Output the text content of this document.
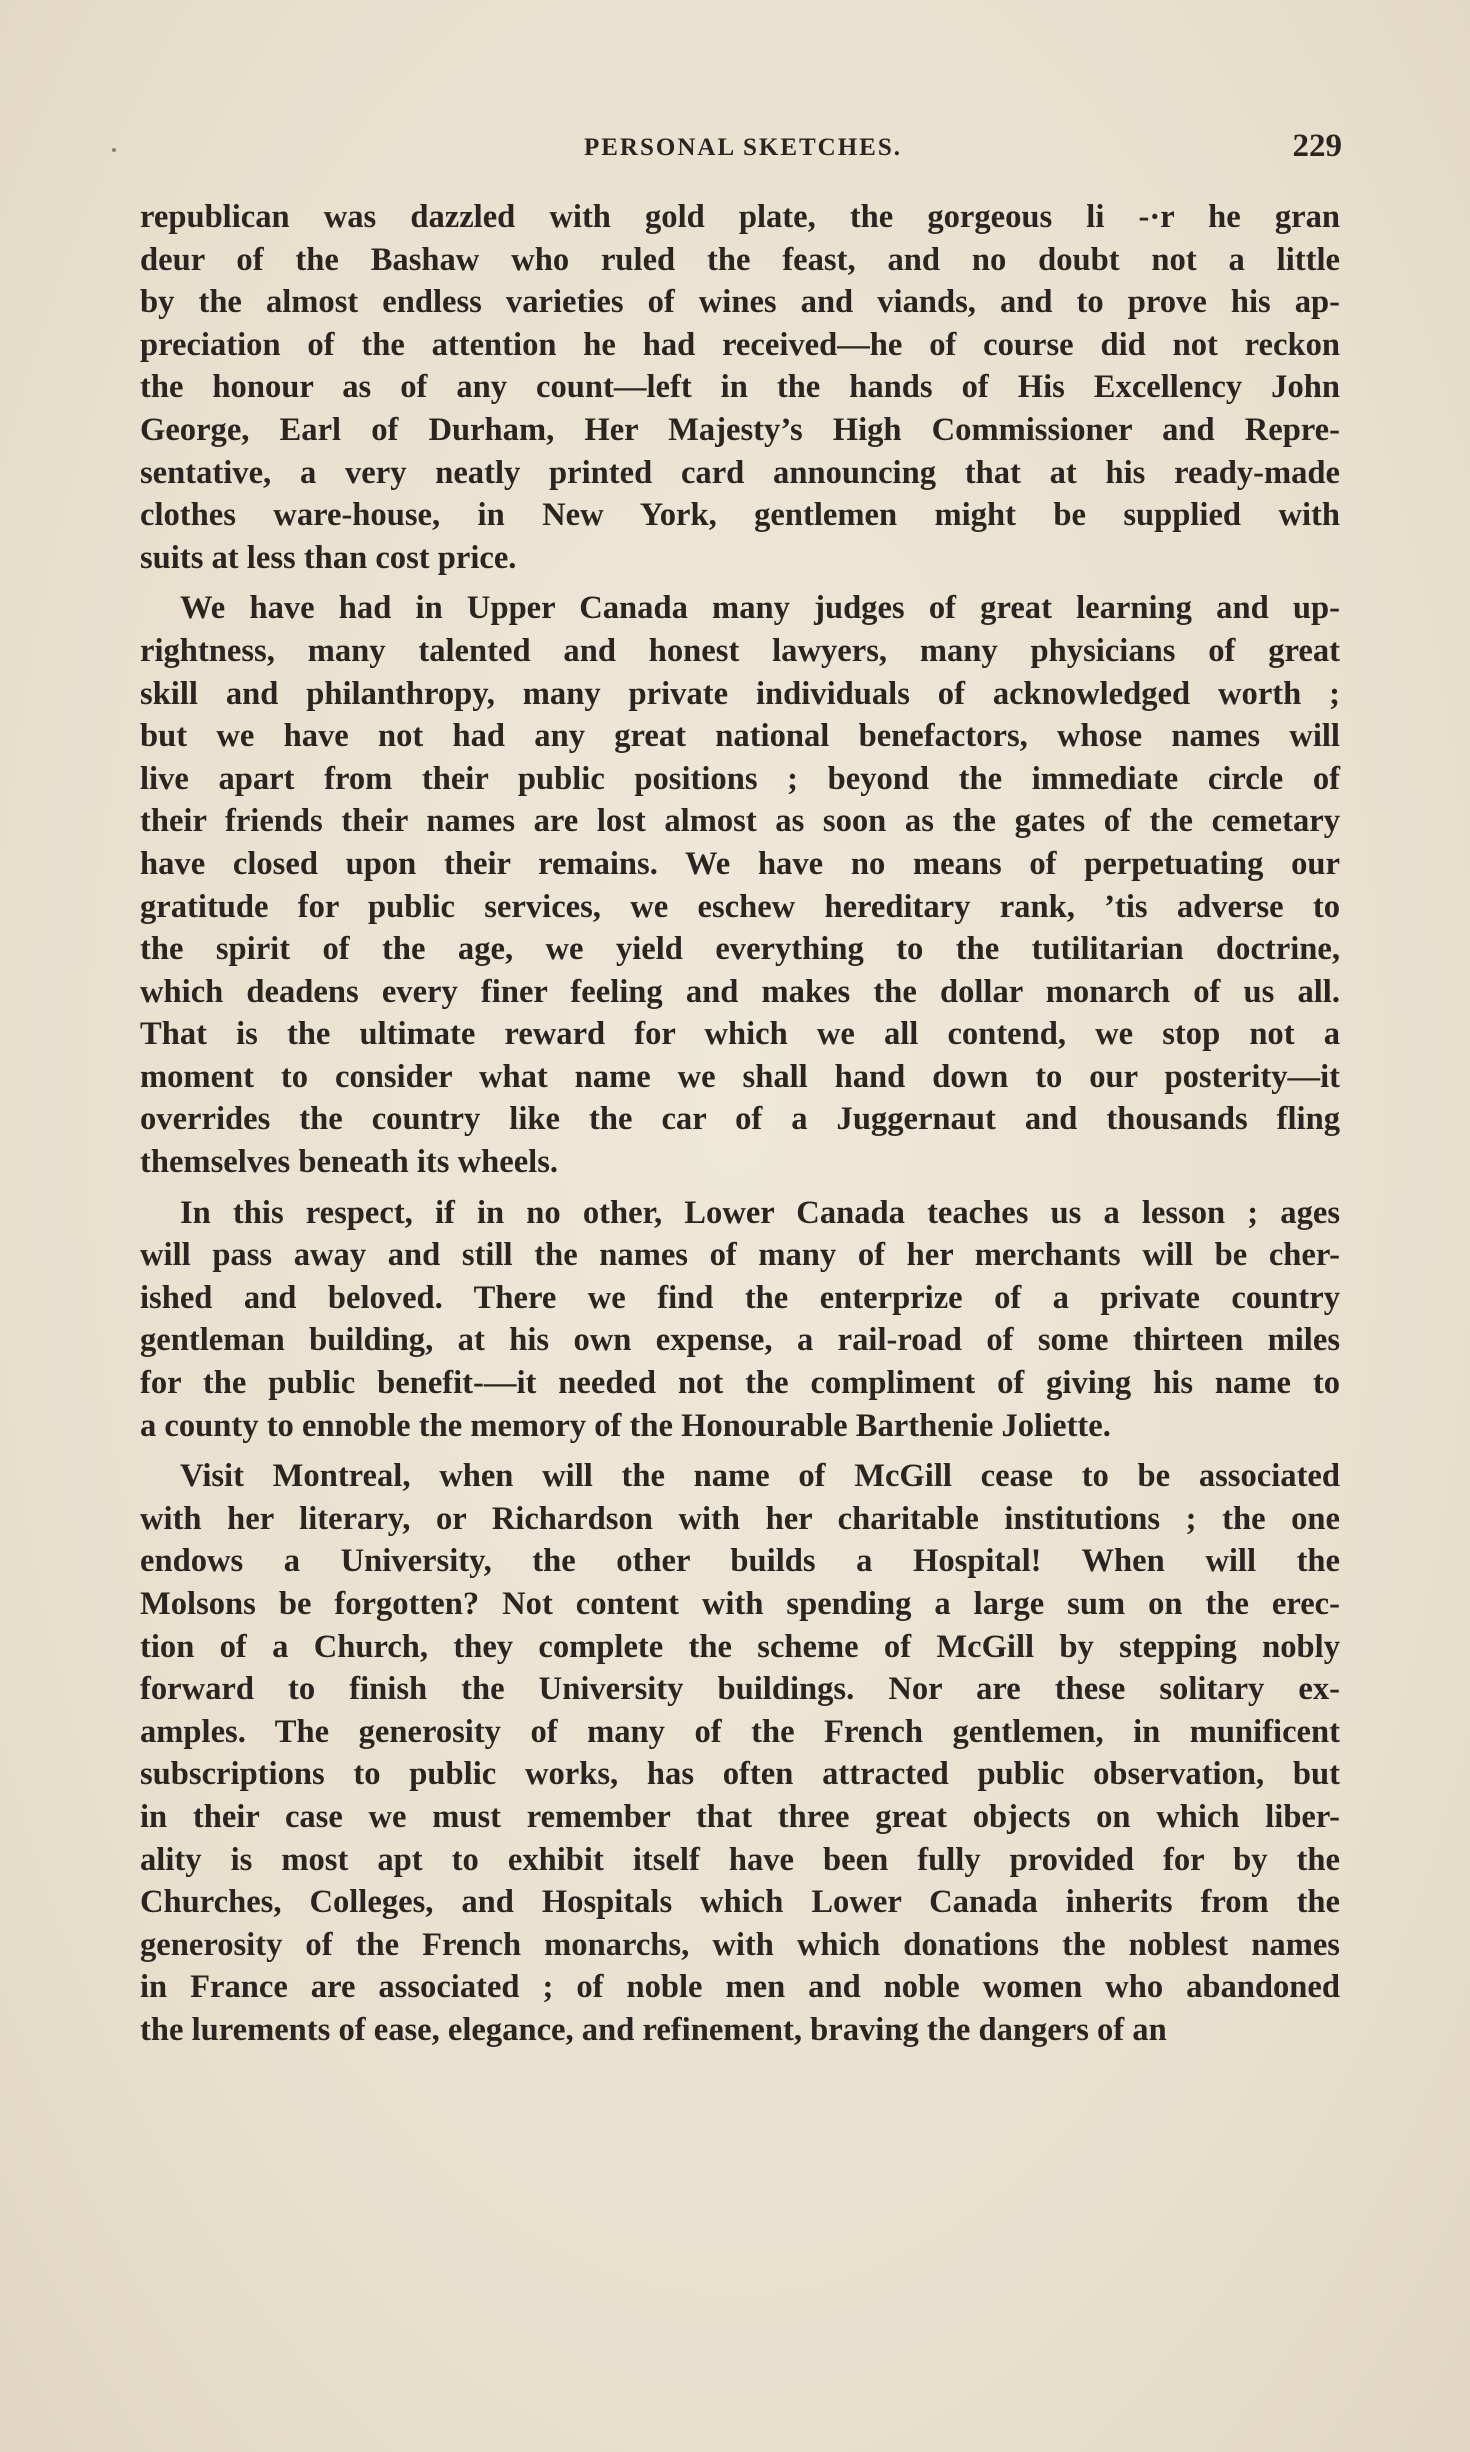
PERSONAL SKETCHES.	229
republican was dazzled with gold plate, the gorgeous li -·r he gran
deur of the Bashaw who ruled the feast, and no doubt not a little
by the almost endless varieties of wines and viands, and to prove his ap-
preciation of the attention he had received—he of course did not reckon
the honour as of any count—left in the hands of His Excellency John
George, Earl of Durham, Her Majesty’s High Commissioner and Repre-
sentative, a very neatly printed card announcing that at his ready-made
clothes ware-house, in New York, gentlemen might be supplied with
suits at less than cost price.
We have had in Upper Canada many judges of great learning and up-
rightness, many talented and honest lawyers, many physicians of great
skill and philanthropy, many private individuals of acknowledged worth ;
but we have not had any great national benefactors, whose names will
live apart from their public positions ; beyond the immediate circle of
their friends their names are lost almost as soon as the gates of the cemetary
have closed upon their remains. We have no means of perpetuating our
gratitude for public services, we eschew hereditary rank, ’tis adverse to
the spirit of the age, we yield everything to the tutilitarian doctrine,
which deadens every finer feeling and makes the dollar monarch of us all.
That is the ultimate reward for which we all contend, we stop not a
moment to consider what name we shall hand down to our posterity—it
overrides the country like the car of a Juggernaut and thousands fling
themselves beneath its wheels.
In this respect, if in no other, Lower Canada teaches us a lesson ; ages
will pass away and still the names of many of her merchants will be cher-
ished and beloved. There we find the enterprize of a private country
gentleman building, at his own expense, a rail-road of some thirteen miles
for the public benefit-—it needed not the compliment of giving his name to
a county to ennoble the memory of the Honourable Barthenie Joliette.
Visit Montreal, when will the name of McGill cease to be associated
with her literary, or Richardson with her charitable institutions ; the one
endows a University, the other builds a Hospital! When will the
Molsons be forgotten? Not content with spending a large sum on the erec-
tion of a Church, they complete the scheme of McGill by stepping nobly
forward to finish the University buildings. Nor are these solitary ex-
amples. The generosity of many of the French gentlemen, in munificent
subscriptions to public works, has often attracted public observation, but
in their case we must remember that three great objects on which liber-
ality is most apt to exhibit itself have been fully provided for by the
Churches, Colleges, and Hospitals which Lower Canada inherits from the
generosity of the French monarchs, with which donations the noblest names
in France are associated ; of noble men and noble women who abandoned
the lurements of ease, elegance, and refinement, braving the dangers of an
